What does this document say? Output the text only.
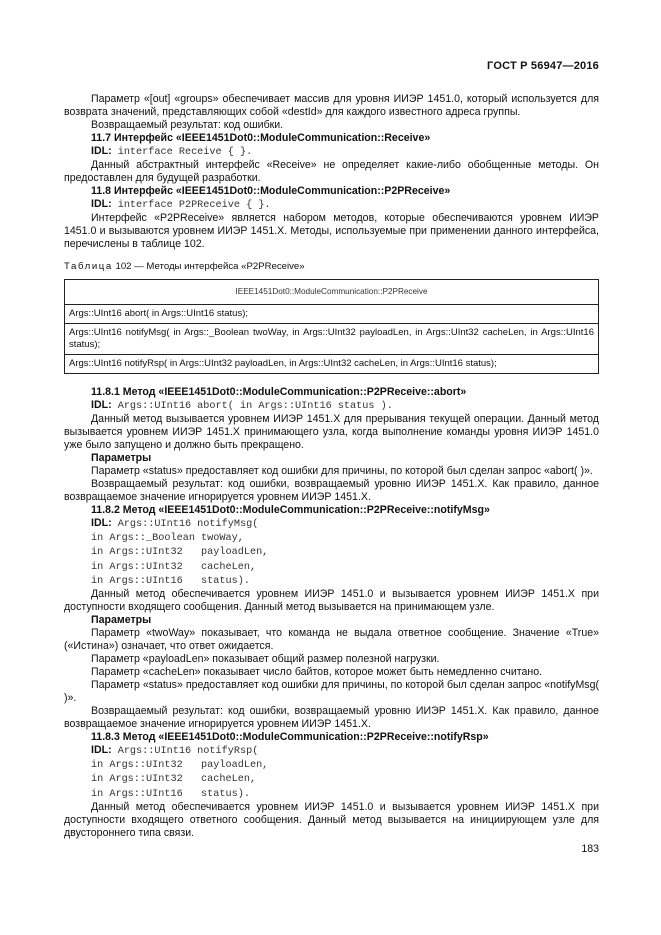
ГОСТ Р 56947—2016

Параметр «[out] «groups» обеспечивает массив для уровня ИИЭР 1451.0, который используется для возврата значений, представляющих собой «destId» для каждого известного адреса группы.

Возвращаемый результат: код ошибки.

11.7 Интерфейс «IEEE1451Dot0::ModuleCommunication::Receive»

IDL: interface Receive { }.

Данный абстрактный интерфейс «Receive» не определяет какие-либо обобщенные методы. Он предоставлен для будущей разработки.

11.8 Интерфейс «IEEE1451Dot0::ModuleCommunication::P2PReceive»

IDL: interface P2PReceive { }.

Интерфейс «P2PReceive» является набором методов, которые обеспечиваются уровнем ИИЭР 1451.0 и вызываются уровнем ИИЭР 1451.X. Методы, используемые при применении данного интерфейса, перечислены в таблице 102.

Таблица 102 — Методы интерфейса «P2PReceive»
IEEE1451Dot0::ModuleCommunication::P2PReceive
Args::UInt16 abort( in Args::UInt16 status);
Args::UInt16 notifyMsg( in Args::_Boolean twoWay, in Args::UInt32 payloadLen, in Args::UInt32 cacheLen, in Args::UInt16 status);
Args::UInt16 notifyRsp( in Args::UInt32 payloadLen, in Args::UInt32 cacheLen, in Args::UInt16 status);

11.8.1 Метод «IEEE1451Dot0::ModuleCommunication::P2PReceive::abort»

IDL: Args::UInt16 abort( in Args::UInt16 status ).

Данный метод вызывается уровнем ИИЭР 1451.X для прерывания текущей операции. Данный метод вызывается уровнем ИИЭР 1451.X принимающего узла, когда выполнение команды уровня ИИЭР 1451.0 уже было запущено и должно быть прекращено.

Параметры

Параметр «status» предоставляет код ошибки для причины, по которой был сделан запрос «abort( )».

Возвращаемый результат: код ошибки, возвращаемый уровню ИИЭР 1451.X. Как правило, данное возвращаемое значение игнорируется уровнем ИИЭР 1451.X.

11.8.2 Метод «IEEE1451Dot0::ModuleCommunication::P2PReceive::notifyMsg»

IDL: Args::UInt16 notifyMsg(

in Args::_Boolean twoWay,

in Args::UInt32   payloadLen,

in Args::UInt32   cacheLen,

in Args::UInt16   status).

Данный метод обеспечивается уровнем ИИЭР 1451.0 и вызывается уровнем ИИЭР 1451.X при доступности входящего сообщения. Данный метод вызывается на принимающем узле.

Параметры

Параметр «twoWay» показывает, что команда не выдала ответное сообщение. Значение «True» («Истина») означает, что ответ ожидается.

Параметр «payloadLen» показывает общий размер полезной нагрузки.

Параметр «cacheLen» показывает число байтов, которое может быть немедленно считано.

Параметр «status» предоставляет код ошибки для причины, по которой был сделан запрос «notifyMsg( )».

Возвращаемый результат: код ошибки, возвращаемый уровню ИИЭР 1451.X. Как правило, данное возвращаемое значение игнорируется уровнем ИИЭР 1451.X.

11.8.3 Метод «IEEE1451Dot0::ModuleCommunication::P2PReceive::notifyRsp»

IDL: Args::UInt16 notifyRsp(

in Args::UInt32   payloadLen,

in Args::UInt32   cacheLen,

in Args::UInt16   status).

Данный метод обеспечивается уровнем ИИЭР 1451.0 и вызывается уровнем ИИЭР 1451.X при доступности входящего ответного сообщения. Данный метод вызывается на инициирующем узле для двустороннего типа связи.

183
